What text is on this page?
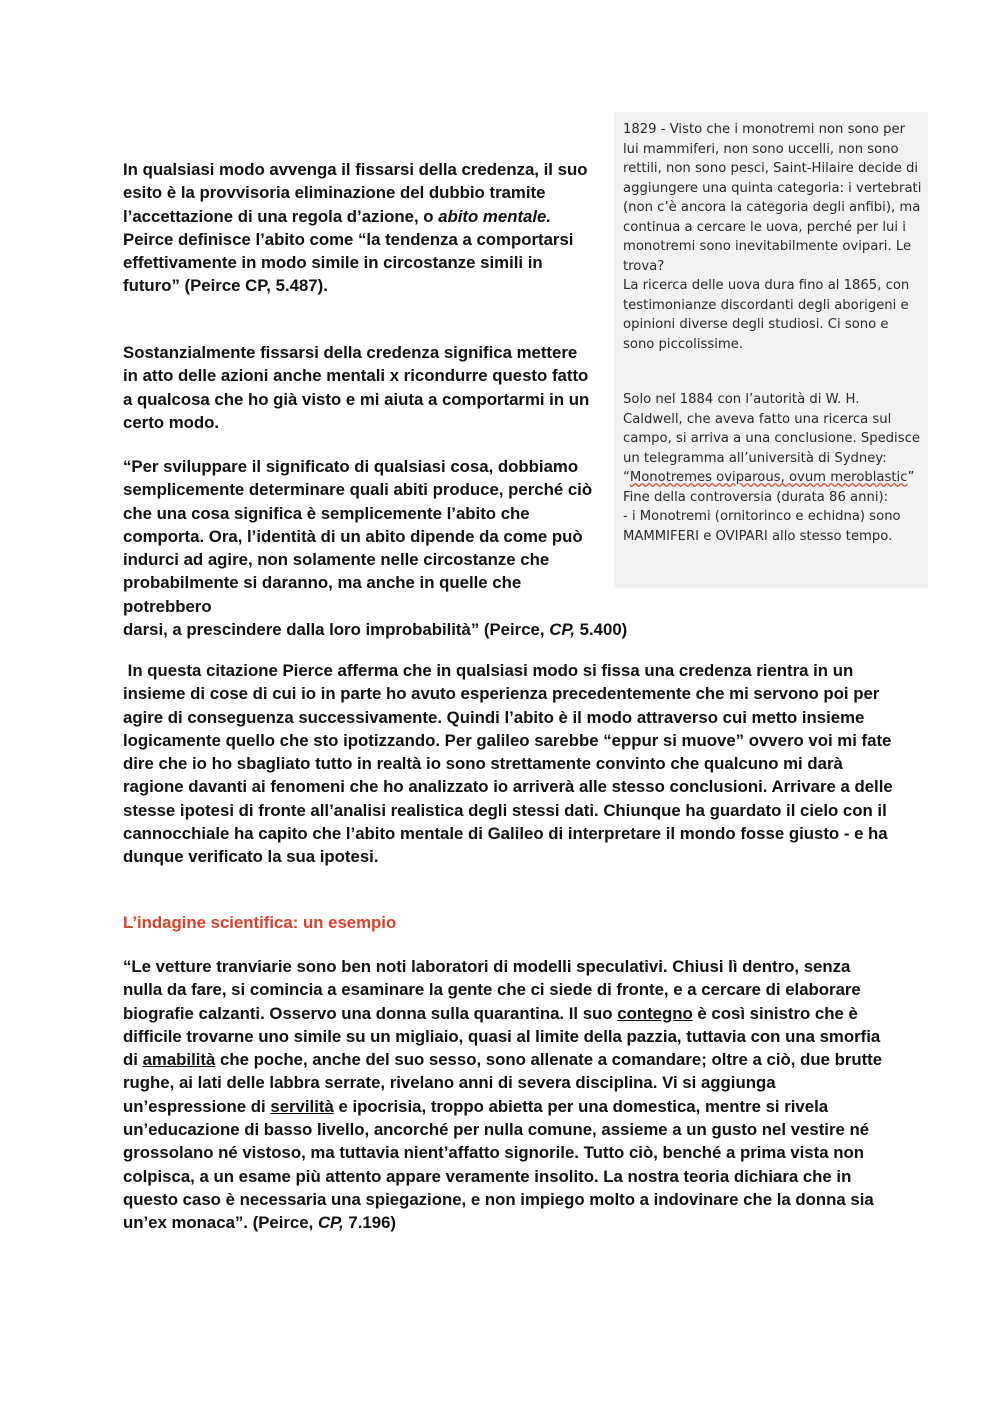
1829 - Visto che i monotremi non sono per lui mammiferi, non sono uccelli, non sono rettili, non sono pesci, Saint-Hilaire decide di aggiungere una quinta categoria: i vertebrati (non c’è ancora la categoria degli anfibi), ma continua a cercare le uova, perché per lui i monotremi sono inevitabilmente ovipari. Le trova?
La ricerca delle uova dura fino al 1865, con testimonianze discordanti degli aborigeni e opinioni diverse degli studiosi. Ci sono e sono piccolissime.
Solo nel 1884 con l’autorità di W. H. Caldwell, che aveva fatto una ricerca sul campo, si arriva a una conclusione. Spedisce un telegramma all’università di Sydney:
“Monotremes oviparous, ovum meroblastic”
Fine della controversia (durata 86 anni):
- i Monotremi (ornitorinco e echidna) sono MAMMIFERI e OVIPARI allo stesso tempo.
In qualsiasi modo avvenga il fissarsi della credenza, il suo esito è la provvisoria eliminazione del dubbio tramite l’accettazione di una regola d’azione, o abito mentale. Peirce definisce l’abito come “la tendenza a comportarsi effettivamente in modo simile in circostanze simili in futuro” (Peirce CP, 5.487).
Sostanzialmente fissarsi della credenza significa mettere in atto delle azioni anche mentali x ricondurre questo fatto a qualcosa che ho già visto e mi aiuta a comportarmi in un certo modo.
“Per sviluppare il significato di qualsiasi cosa, dobbiamo semplicemente determinare quali abiti produce, perché ciò che una cosa significa è semplicemente l’abito che comporta. Ora, l’identità di un abito dipende da come può indurci ad agire, non solamente nelle circostanze che probabilmente si daranno, ma anche in quelle che potrebbero
darsi, a prescindere dalla loro improbabilità” (Peirce, CP, 5.400)
In questa citazione Pierce afferma che in qualsiasi modo si fissa una credenza rientra in un insieme di cose di cui io in parte ho avuto esperienza precedentemente che mi servono poi per agire di conseguenza successivamente. Quindi l’abito è il modo attraverso cui metto insieme logicamente quello che sto ipotizzando. Per galileo sarebbe “eppur si muove” ovvero voi mi fate dire che io ho sbagliato tutto in realtà io sono strettamente convinto che qualcuno mi darà ragione davanti ai fenomeni che ho analizzato io arriverà alle stesso conclusioni. Arrivare a delle stesse ipotesi di fronte all’analisi realistica degli stessi dati. Chiunque ha guardato il cielo con il cannocchiale ha capito che l’abito mentale di Galileo di interpretare il mondo fosse giusto - e ha dunque verificato la sua ipotesi.
L’indagine scientifica: un esempio
“Le vetture tranviarie sono ben noti laboratori di modelli speculativi. Chiusi lì dentro, senza nulla da fare, si comincia a esaminare la gente che ci siede di fronte, e a cercare di elaborare biografie calzanti. Osservo una donna sulla quarantina. Il suo contegno è così sinistro che è difficile trovarne uno simile su un migliaio, quasi al limite della pazzia, tuttavia con una smorfia di amabilità che poche, anche del suo sesso, sono allenate a comandare; oltre a ciò, due brutte rughe, ai lati delle labbra serrate, rivelano anni di severa disciplina. Vi si aggiunga un’espressione di servilità e ipocrisia, troppo abietta per una domestica, mentre si rivela un’educazione di basso livello, ancorché per nulla comune, assieme a un gusto nel vestire né grossolano né vistoso, ma tuttavia nient’affatto signorile. Tutto ciò, benché a prima vista non colpisca, a un esame più attento appare veramente insolito. La nostra teoria dichiara che in questo caso è necessaria una spiegazione, e non impiego molto a indovinare che la donna sia un’ex monaca”. (Peirce, CP, 7.196)
